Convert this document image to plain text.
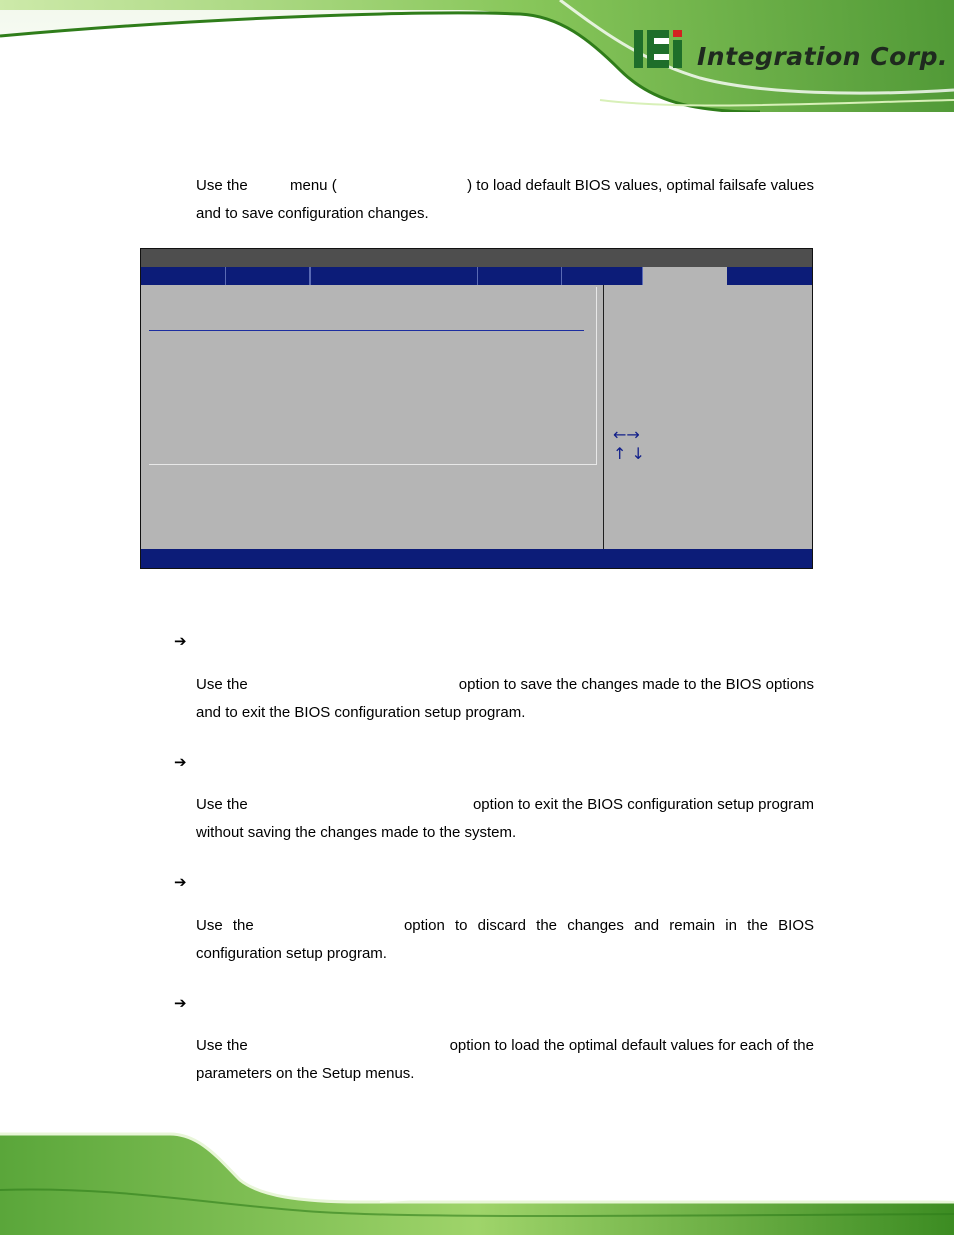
Integration Corp.
Use the	menu (	) to load default BIOS values, optimal failsafe values
and to save configuration changes.
←→
↑ ↓
➔
Use the	option to save the changes made to the BIOS options
and to exit the BIOS configuration setup program.
➔
Use the	option to exit the BIOS configuration setup program
without saving the changes made to the system.
➔
Use the	option to discard the changes and remain in the BIOS
configuration setup program.
➔
Use the	option to load the optimal default values for each of the
parameters on the Setup menus.
